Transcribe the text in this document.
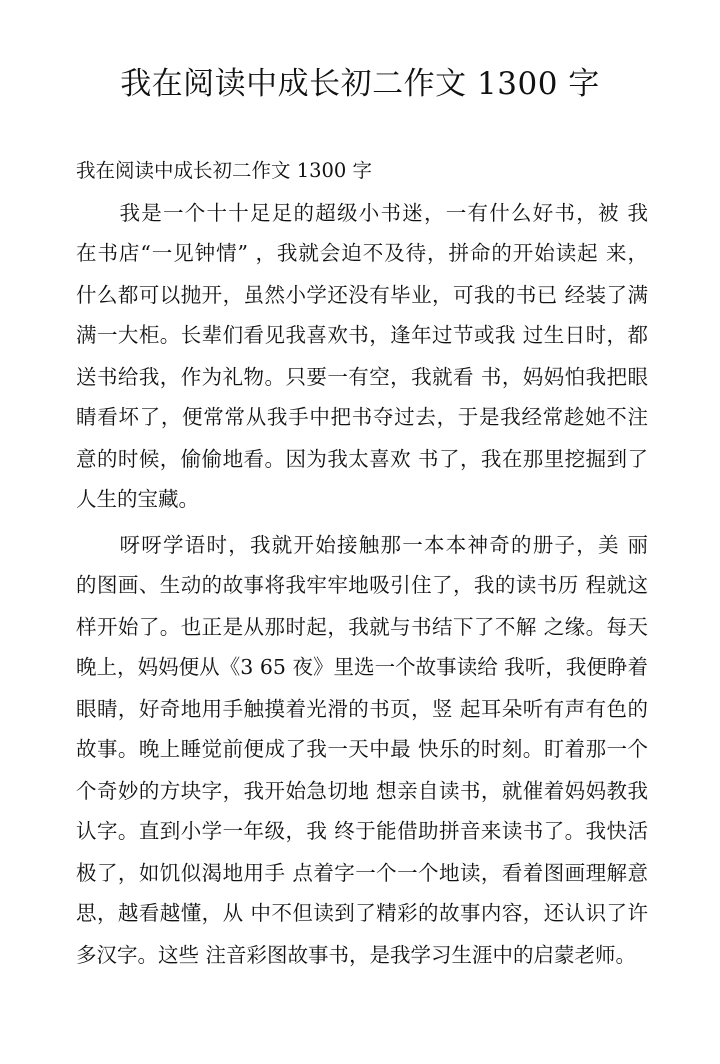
我在阅读中成长初二作文 1300 字

我在阅读中成长初二作文 1300 字

　　我是一个十十足足的超级小书迷，一有什么好书，被 我

在书店“一见钟情” ，我就会迫不及待，拼命的开始读起 来，

什么都可以抛开，虽然小学还没有毕业，可我的书已 经装了满

满一大柜。长辈们看见我喜欢书，逢年过节或我 过生日时，都

送书给我，作为礼物。只要一有空，我就看 书，妈妈怕我把眼

睛看坏了，便常常从我手中把书夺过去，于是我经常趁她不注

意的时候，偷偷地看。因为我太喜欢 书了，我在那里挖掘到了

人生的宝藏。

　　呀呀学语时，我就开始接触那一本本神奇的册子，美 丽

的图画、生动的故事将我牢牢地吸引住了，我的读书历 程就这

样开始了。也正是从那时起，我就与书结下了不解 之缘。每天

晚上，妈妈便从《3 65 夜》里选一个故事读给 我听，我便睁着

眼睛，好奇地用手触摸着光滑的书页，竖 起耳朵听有声有色的

故事。晚上睡觉前便成了我一天中最 快乐的时刻。盯着那一个

个奇妙的方块字，我开始急切地 想亲自读书，就催着妈妈教我

认字。直到小学一年级，我 终于能借助拼音来读书了。我快活

极了，如饥似渴地用手 点着字一个一个地读，看着图画理解意

思，越看越懂，从 中不但读到了精彩的故事内容，还认识了许

多汉字。这些 注音彩图故事书，是我学习生涯中的启蒙老师。
